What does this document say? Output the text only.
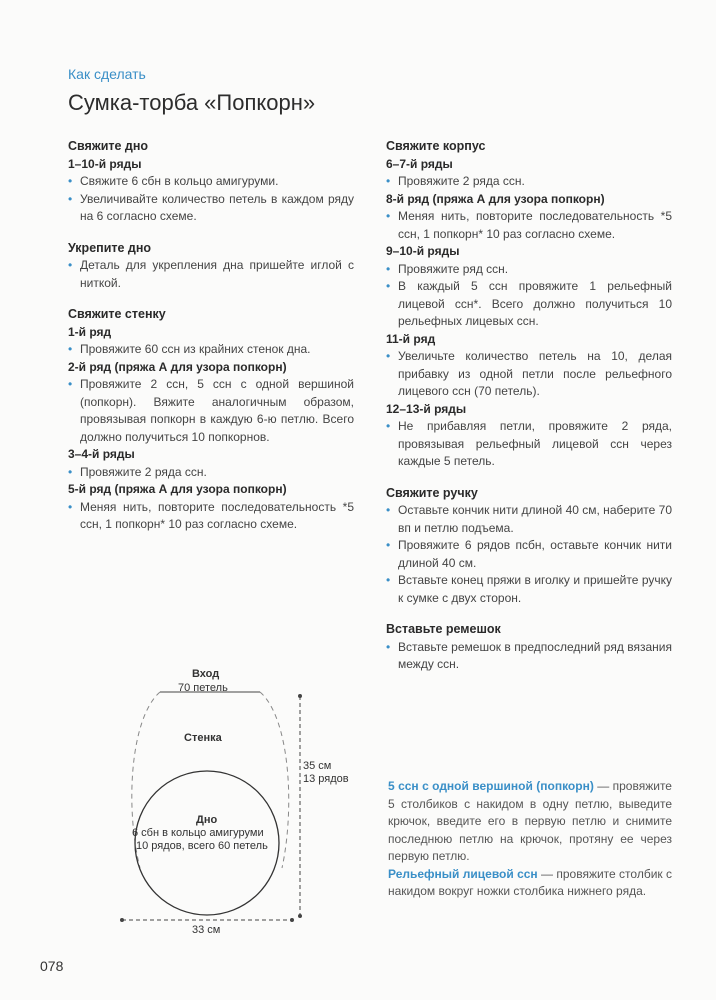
Как сделать
Сумка-торба «Попкорн»
Свяжите дно
1–10-й ряды
• Свяжите 6 сбн в кольцо амигуруми.
• Увеличивайте количество петель в каждом ряду на 6 согласно схеме.
Укрепите дно
• Деталь для укрепления дна пришейте иглой с ниткой.
Свяжите стенку
1-й ряд
• Провяжите 60 ссн из крайних стенок дна.
2-й ряд (пряжа А для узора попкорн)
• Провяжите 2 ссн, 5 ссн с одной вершиной (попкорн). Вяжите аналогичным образом, провязывая попкорн в каждую 6-ю петлю. Всего должно получиться 10 попкорнов.
3–4-й ряды
• Провяжите 2 ряда ссн.
5-й ряд (пряжа А для узора попкорн)
• Меняя нить, повторите последовательность *5 ссн, 1 попкорн* 10 раз согласно схеме.
Свяжите корпус
6–7-й ряды
• Провяжите 2 ряда ссн.
8-й ряд (пряжа А для узора попкорн)
• Меняя нить, повторите последовательность *5 ссн, 1 попкорн* 10 раз согласно схеме.
9–10-й ряды
• Провяжите ряд ссн.
• В каждый 5 ссн провяжите 1 рельефный лицевой ссн*. Всего должно получиться 10 рельефных лицевых ссн.
11-й ряд
• Увеличьте количество петель на 10, делая прибавку из одной петли после рельефного лицевого ссн (70 петель).
12–13-й ряды
• Не прибавляя петли, провяжите 2 ряда, провязывая рельефный лицевой ссн через каждые 5 петель.
Свяжите ручку
• Оставьте кончик нити длиной 40 см, наберите 70 вп и петлю подъема.
• Провяжите 6 рядов псбн, оставьте кончик нити длиной 40 см.
• Вставьте конец пряжи в иголку и пришейте ручку к сумке с двух сторон.
Вставьте ремешок
• Вставьте ремешок в предпоследний ряд вязания между ссн.
Вход
70 петель
Стенка
35 см
13 рядов
Дно
6 сбн в кольцо амигуруми
10 рядов, всего 60 петель
33 см

5 ссн с одной вершиной (попкорн) — провяжите 5 столбиков с накидом в одну петлю, выведите крючок, введите его в первую петлю и снимите последнюю петлю на крючок, протяну ее через первую петлю.

Рельефный лицевой ссн — провяжите столбик с накидом вокруг ножки столбика нижнего ряда.

078
